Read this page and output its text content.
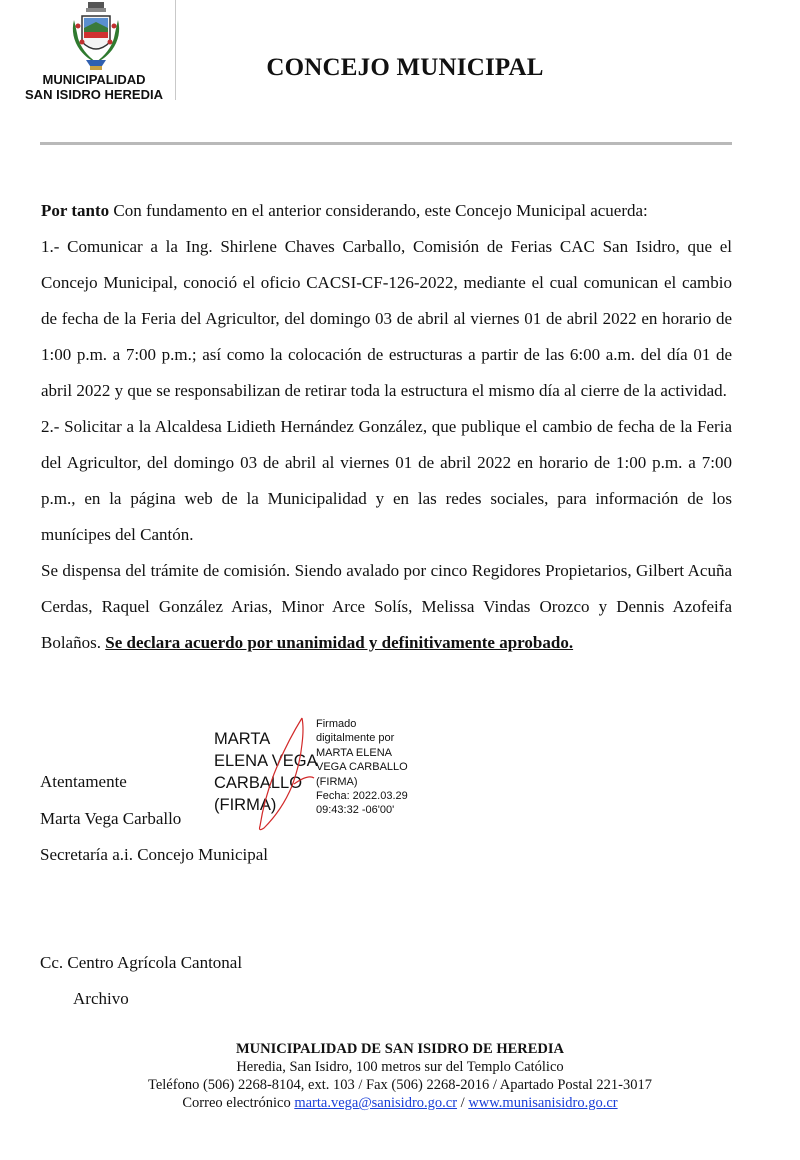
MUNICIPALIDAD
SAN ISIDRO HEREDIA
CONCEJO MUNICIPAL

Por tanto Con fundamento en el anterior considerando, este Concejo Municipal acuerda:

1.- Comunicar a la Ing. Shirlene Chaves Carballo, Comisión de Ferias CAC San Isidro, que el Concejo Municipal, conoció el oficio CACSI-CF-126-2022, mediante el cual comunican el cambio de fecha de la Feria del Agricultor, del domingo 03 de abril al viernes 01 de abril 2022 en horario de 1:00 p.m. a 7:00 p.m.; así como la colocación de estructuras a partir de las 6:00 a.m. del día 01 de abril 2022 y que se responsabilizan de retirar toda la estructura el mismo día al cierre de la actividad.

2.- Solicitar a la Alcaldesa Lidieth Hernández González, que publique el cambio de fecha de la Feria del Agricultor, del domingo 03 de abril al viernes 01 de abril 2022 en horario de 1:00 p.m. a 7:00 p.m., en la página web de la Municipalidad y en las redes sociales, para información de los munícipes del Cantón.

Se dispensa del trámite de comisión. Siendo avalado por cinco Regidores Propietarios, Gilbert Acuña Cerdas, Raquel González Arias, Minor Arce Solís, Melissa Vindas Orozco y Dennis Azofeifa Bolaños. Se declara acuerdo por unanimidad y definitivamente aprobado.

Atentamente
Marta Vega Carballo
Secretaría a.i. Concejo Municipal
Cc. Centro Agrícola Cantonal
Archivo
MARTA
ELENA VEGA
CARBALLO
(FIRMA)
Firmado
digitalmente por
MARTA ELENA
VEGA CARBALLO
(FIRMA)
Fecha: 2022.03.29
09:43:32 -06'00'
MUNICIPALIDAD DE SAN ISIDRO DE HEREDIA
Heredia, San Isidro, 100 metros sur del Templo Católico
Teléfono (506) 2268-8104, ext. 103 / Fax (506) 2268-2016 / Apartado Postal 221-3017
Correo electrónico marta.vega@sanisidro.go.cr / www.munisanisidro.go.cr
